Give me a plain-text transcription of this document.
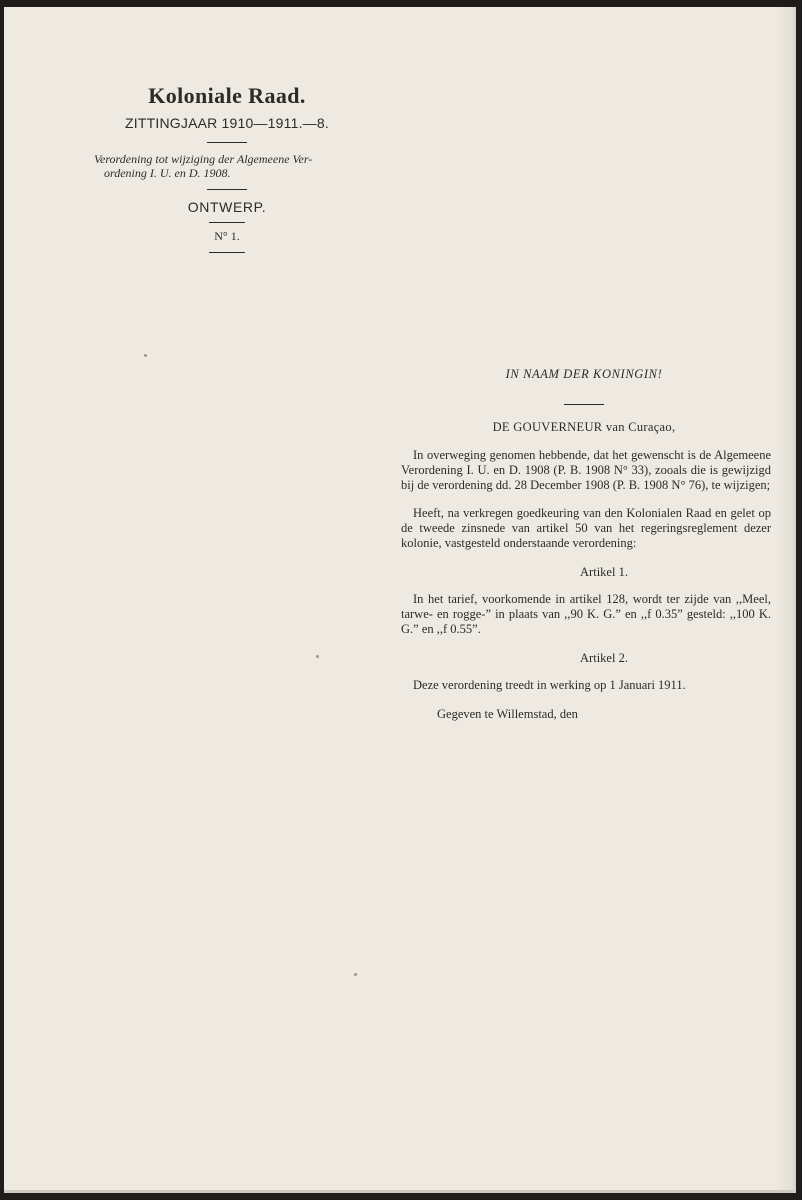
Koloniale Raad.
ZITTINGJAAR 1910—1911.—8.
Verordening tot wijziging der Algemeene Ver-
ordening I. U. en D. 1908.
ONTWERP.
N° 1.
IN NAAM DER KONINGIN!
DE GOUVERNEUR van Curaçao,

In overweging genomen hebbende, dat het gewenscht is de Algemeene Verordening I. U. en D. 1908 (P. B. 1908 N° 33), zooals die is gewijzigd bij de verordening dd. 28 December 1908 (P. B. 1908 N° 76), te wijzigen;

Heeft, na verkregen goedkeuring van den Kolonialen Raad en gelet op de tweede zinsnede van artikel 50 van het regeringsreglement dezer kolonie, vastgesteld onderstaande verordening:

Artikel 1.

In het tarief, voorkomende in artikel 128, wordt ter zijde van ,,Meel, tarwe- en rogge-” in plaats van ,,90 K. G.” en ,,f 0.35” gesteld: ,,100 K. G.” en ,,f 0.55”.

Artikel 2.

Deze verordening treedt in werking op 1 Januari 1911.

Gegeven te Willemstad, den
